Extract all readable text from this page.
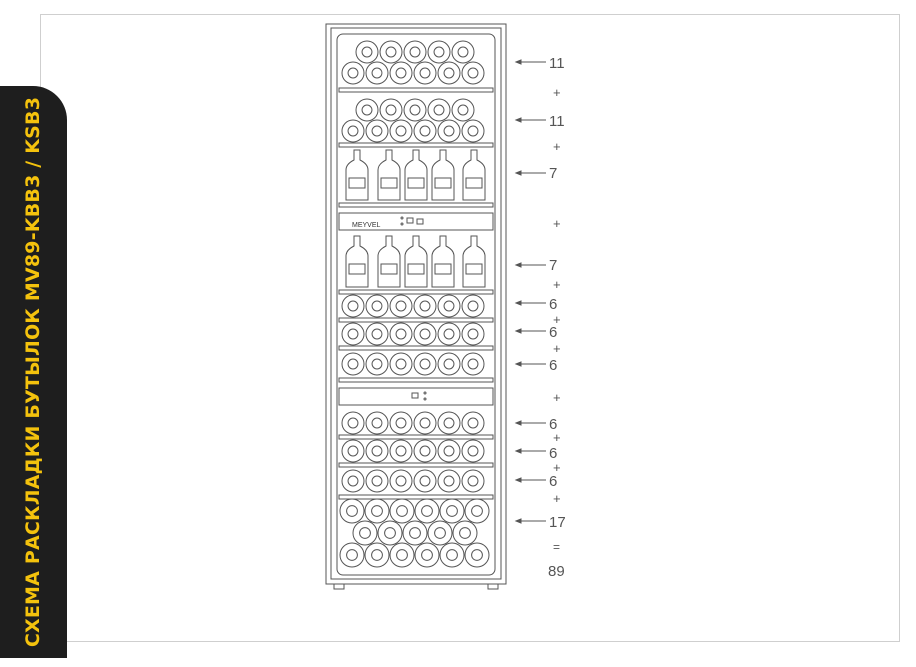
СХЕМА РАСКЛАДКИ БУТЫЛОК MV89-KBB3 / KSB3	MEYVEL
11
11
7
7
6
6
6
6
6
6
17
+
+
+
+
+
+
+
+
+
+
=
89
